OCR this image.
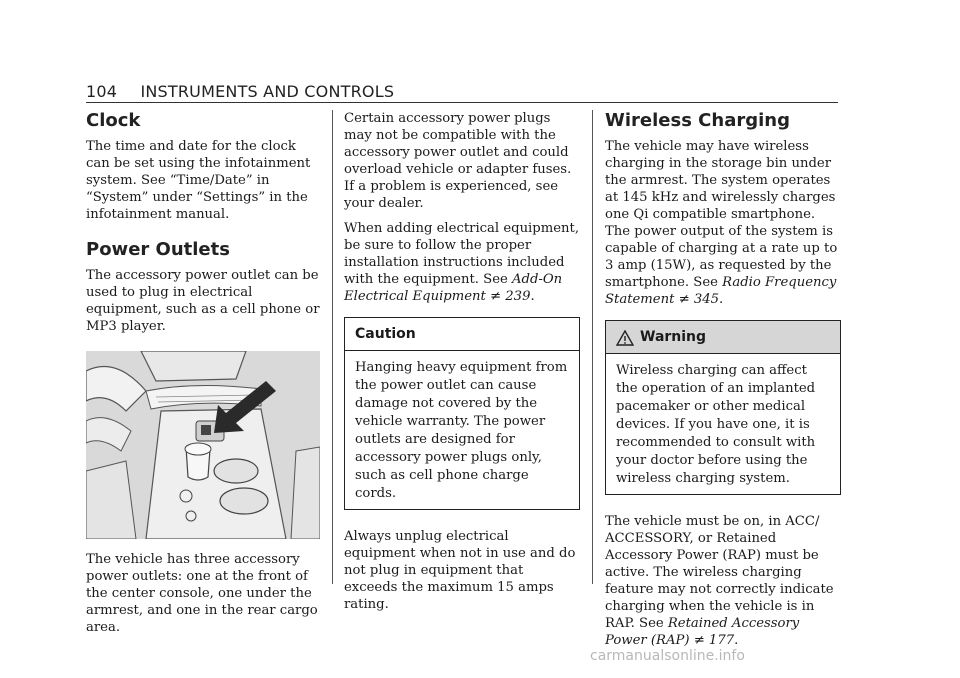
104 INSTRUMENTS AND CONTROLS
Clock

The time and date for the clock can be set using the infotainment system. See “Time/Date” in “System” under “Settings” in the infotainment manual.

Power Outlets

The accessory power outlet can be used to plug in electrical equipment, such as a cell phone or MP3 player.

The vehicle has three accessory power outlets: one at the front of the center console, one under the armrest, and one in the rear cargo area.

Certain accessory power plugs may not be compatible with the accessory power outlet and could overload vehicle or adapter fuses. If a problem is experienced, see your dealer.

When adding electrical equipment, be sure to follow the proper installation instructions included with the equipment. See Add-On Electrical Equipment ≠ 239.

Caution
Hanging heavy equipment from the power outlet can cause damage not covered by the vehicle warranty. The power outlets are designed for accessory power plugs only, such as cell phone charge cords.

Always unplug electrical equipment when not in use and do not plug in equipment that exceeds the maximum 15 amps rating.

Wireless Charging

The vehicle may have wireless charging in the storage bin under the armrest. The system operates at 145 kHz and wirelessly charges one Qi compatible smartphone. The power output of the system is capable of charging at a rate up to 3 amp (15W), as requested by the smartphone. See Radio Frequency Statement ≠ 345.

Warning
Wireless charging can affect the operation of an implanted pacemaker or other medical devices. If you have one, it is recommended to consult with your doctor before using the wireless charging system.

The vehicle must be on, in ACC/ ACCESSORY, or Retained Accessory Power (RAP) must be active. The wireless charging feature may not correctly indicate charging when the vehicle is in RAP. See Retained Accessory Power (RAP) ≠ 177.

carmanualsonline.info
